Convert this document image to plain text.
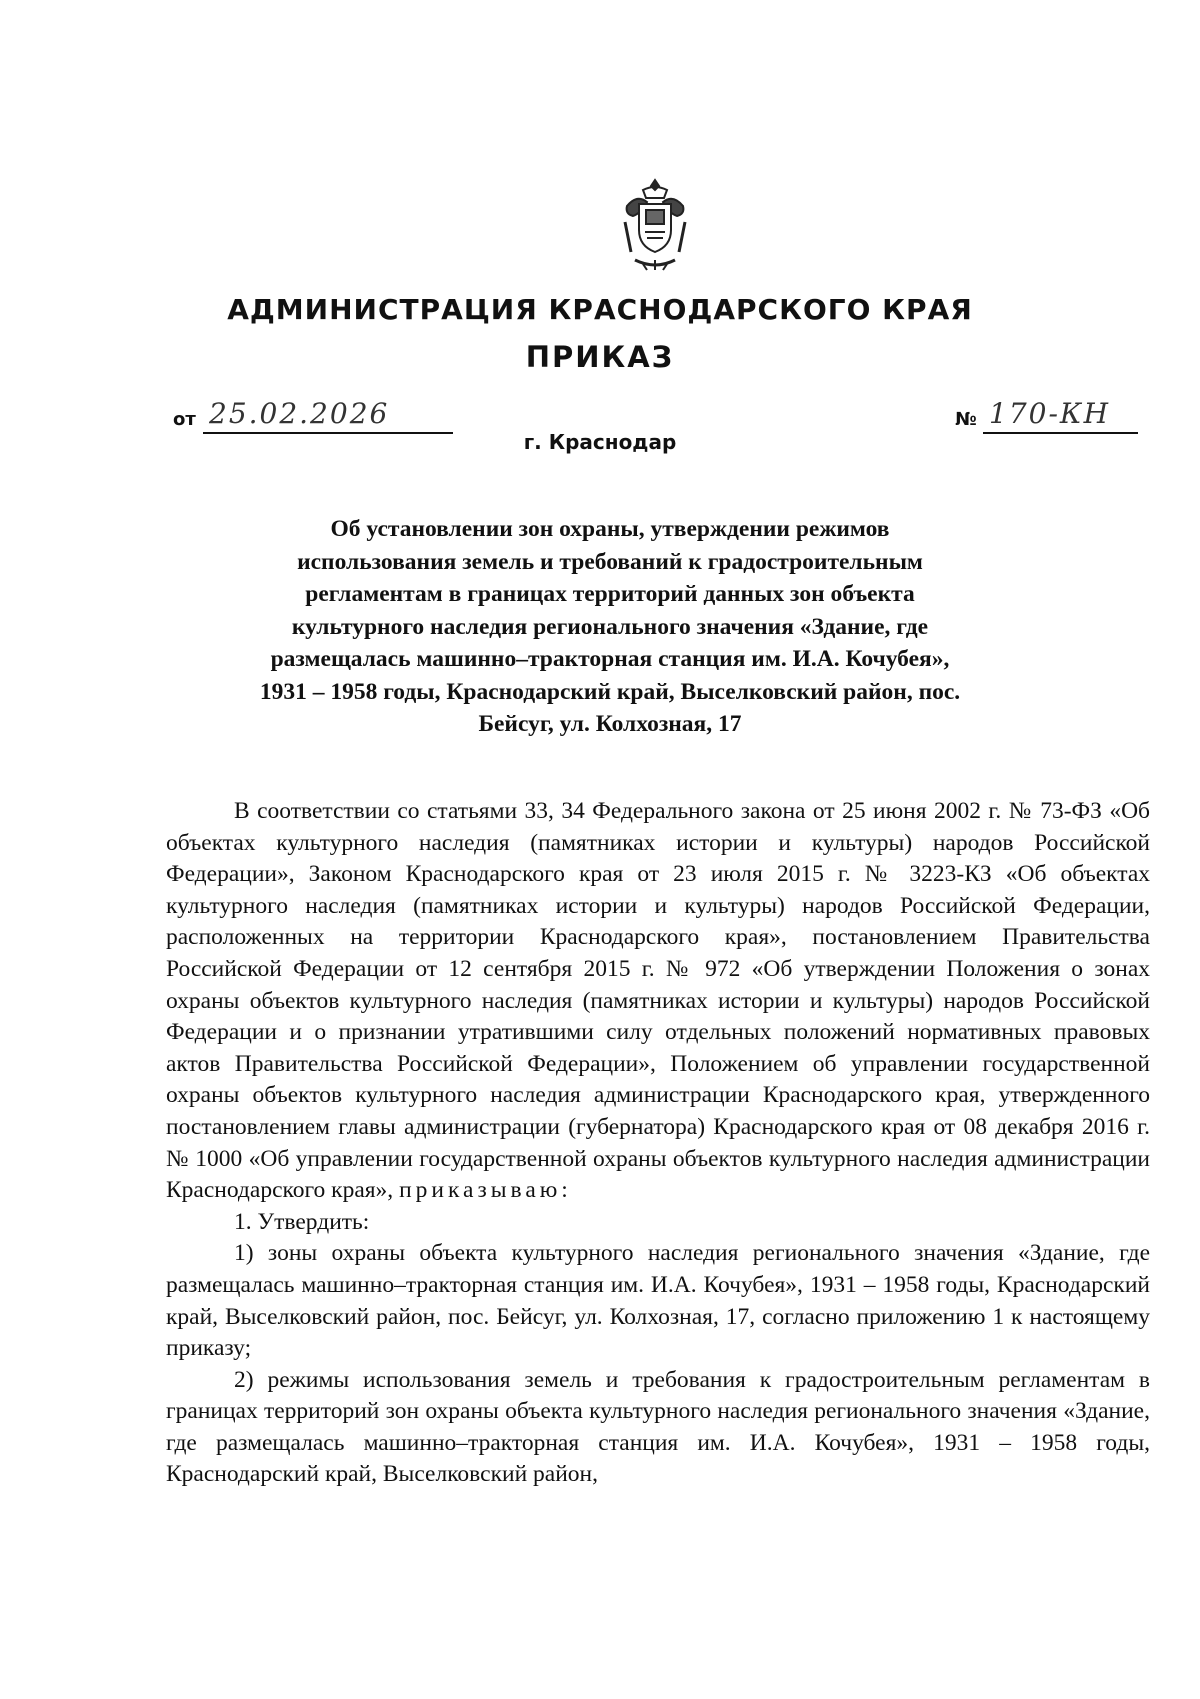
АДМИНИСТРАЦИЯ КРАСНОДАРСКОГО КРАЯ
ПРИКАЗ
от 25.02.2026	№ 170-КН
г. Краснодар
Об установлении зон охраны, утверждении режимов использования земель и требований к градостроительным регламентам в границах территорий данных зон объекта культурного наследия регионального значения «Здание, где размещалась машинно–тракторная станция им. И.А. Кочубея», 1931 – 1958 годы, Краснодарский край, Выселковский район, пос. Бейсуг, ул. Колхозная, 17

В соответствии со статьями 33, 34 Федерального закона от 25 июня 2002 г. № 73-ФЗ «Об объектах культурного наследия (памятниках истории и культуры) народов Российской Федерации», Законом Краснодарского края от 23 июля 2015 г. № 3223-КЗ «Об объектах культурного наследия (памятниках истории и культуры) народов Российской Федерации, расположенных на территории Краснодарского края», постановлением Правительства Российской Федерации от 12 сентября 2015 г. № 972 «Об утверждении Положения о зонах охраны объектов культурного наследия (памятниках истории и культуры) народов Российской Федерации и о признании утратившими силу отдельных положений нормативных правовых актов Правительства Российской Федерации», Положением об управлении государственной охраны объектов культурного наследия администрации Краснодарского края, утвержденного постановлением главы администрации (губернатора) Краснодарского края от 08 декабря 2016 г. № 1000 «Об управлении государственной охраны объектов культурного наследия администрации Краснодарского края», приказываю:

1. Утвердить:

1) зоны охраны объекта культурного наследия регионального значения «Здание, где размещалась машинно–тракторная станция им. И.А. Кочубея», 1931 – 1958 годы, Краснодарский край, Выселковский район, пос. Бейсуг, ул. Колхозная, 17, согласно приложению 1 к настоящему приказу;

2) режимы использования земель и требования к градостроительным регламентам в границах территорий зон охраны объекта культурного наследия регионального значения «Здание, где размещалась машинно–тракторная станция им. И.А. Кочубея», 1931 – 1958 годы, Краснодарский край, Выселковский район,
